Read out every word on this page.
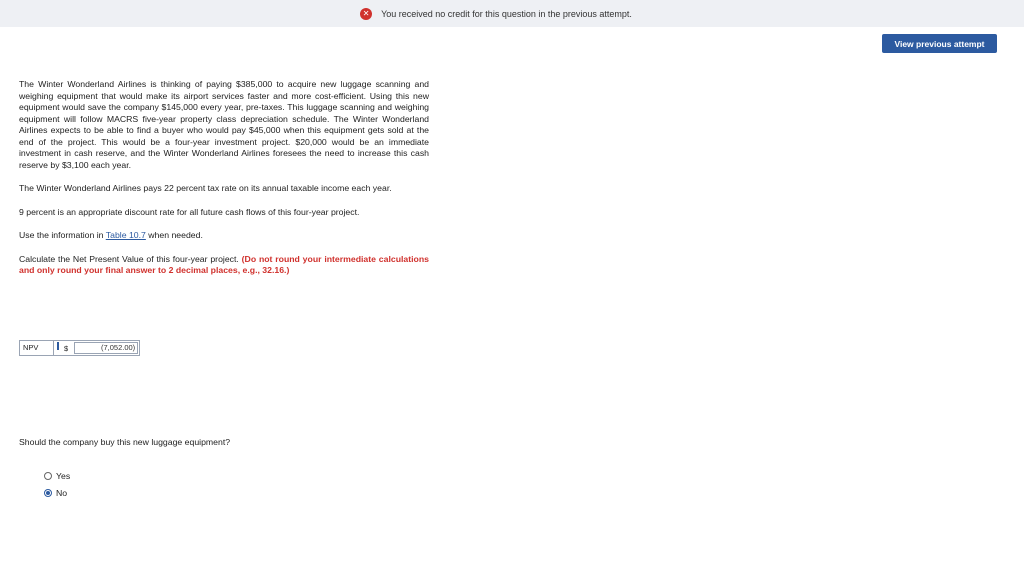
✕ You received no credit for this question in the previous attempt.
View previous attempt

The Winter Wonderland Airlines is thinking of paying $385,000 to acquire new luggage scanning and weighing equipment that would make its airport services faster and more cost-efficient. Using this new equipment would save the company $145,000 every year, pre-taxes. This luggage scanning and weighing equipment will follow MACRS five-year property class depreciation schedule. The Winter Wonderland Airlines expects to be able to find a buyer who would pay $45,000 when this equipment gets sold at the end of the project. This would be a four-year investment project. $20,000 would be an immediate investment in cash reserve, and the Winter Wonderland Airlines foresees the need to increase this cash reserve by $3,100 each year.

The Winter Wonderland Airlines pays 22 percent tax rate on its annual taxable income each year.

9 percent is an appropriate discount rate for all future cash flows of this four-year project.

Use the information in Table 10.7 when needed.

Calculate the Net Present Value of this four-year project. (Do not round your intermediate calculations and only round your final answer to 2 decimal places, e.g., 32.16.)

NPV	$	(7,052.00)
Should the company buy this new luggage equipment?
Yes
No
